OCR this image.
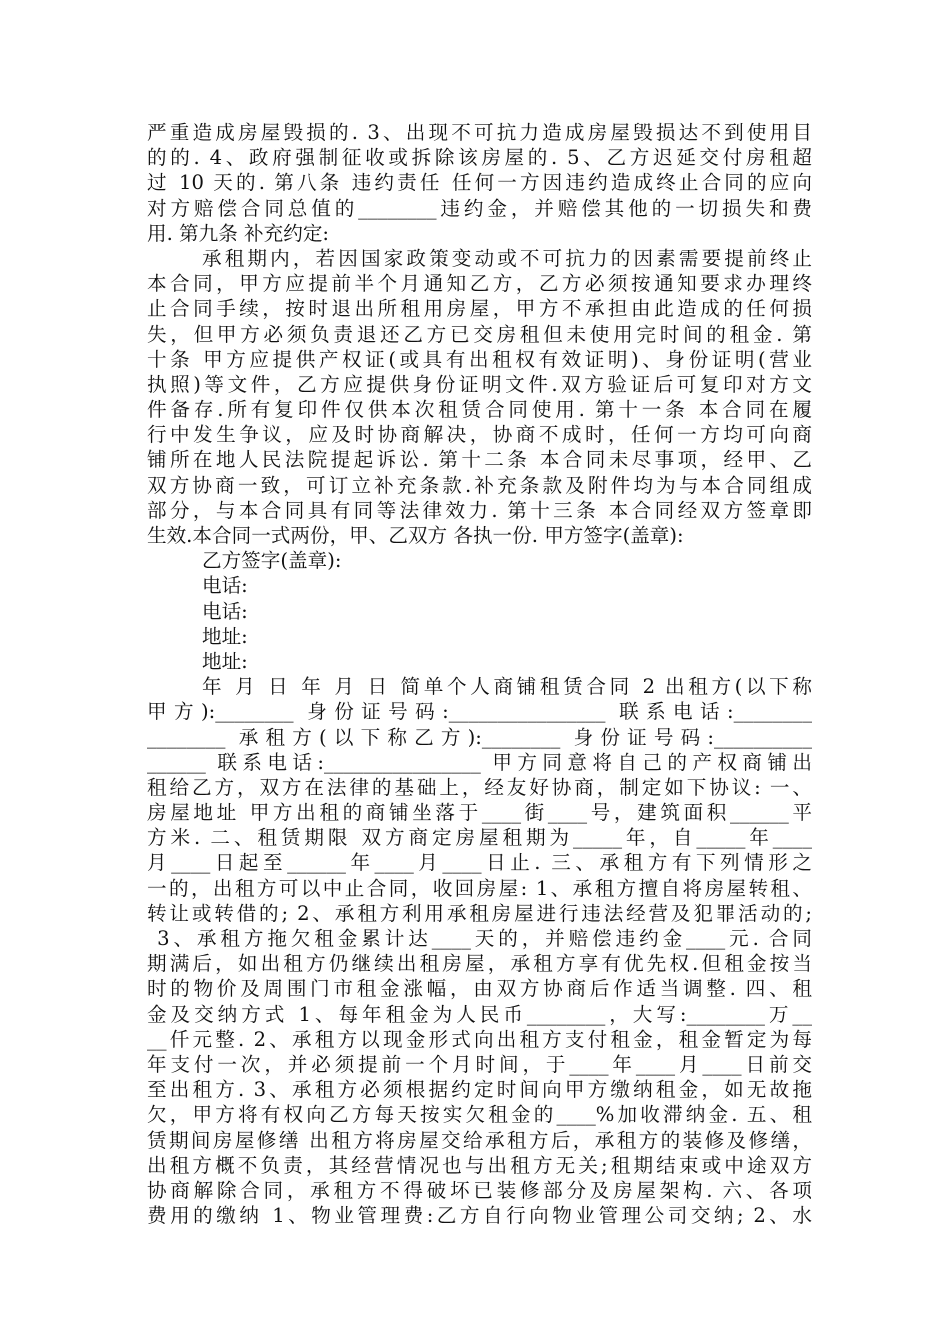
严重造成房屋毁损的. 3、出现不可抗力造成房屋毁损达不到使用目
的的. 4、政府强制征收或拆除该房屋的. 5、乙方迟延交付房租超
过 10 天的. 第八条 违约责任 任何一方因违约造成终止合同的应向
对方赔偿合同总值的________违约金，并赔偿其他的一切损失和费
用. 第九条 补充约定:
承租期内，若因国家政策变动或不可抗力的因素需要提前终止
本合同，甲方应提前半个月通知乙方，乙方必须按通知要求办理终
止合同手续，按时退出所租用房屋，甲方不承担由此造成的任何损
失，但甲方必须负责退还乙方已交房租但未使用完时间的租金. 第
十条 甲方应提供产权证(或具有出租权有效证明)、身份证明(营业
执照)等文件，乙方应提供身份证明文件.双方验证后可复印对方文
件备存.所有复印件仅供本次租赁合同使用. 第十一条 本合同在履
行中发生争议，应及时协商解决，协商不成时，任何一方均可向商
铺所在地人民法院提起诉讼. 第十二条 本合同未尽事项，经甲、乙
双方协商一致，可订立补充条款.补充条款及附件均为与本合同组成
部分，与本合同具有同等法律效力. 第十三条 本合同经双方签章即
生效.本合同一式两份，甲、乙双方 各执一份. 甲方签字(盖章):
乙方签字(盖章):
电话:
电话:
地址:
地址:
年 月 日 年 月 日 简单个人商铺租赁合同 2 出租方(以下称
甲方):________ 身份证号码:________________ 联系电话:________
________ 承租方(以下称乙方):________ 身份证号码:__________
______ 联系电话:________________ 甲方同意将自己的产权商铺出
租给乙方，双方在法律的基础上，经友好协商，制定如下协议: 一、
房屋地址 甲方出租的商铺坐落于____街____号，建筑面积______平
方米. 二、租赁期限 双方商定房屋租期为_____年，自_____年____
月____日起至______年____月____日止. 三、承租方有下列情形之
一的，出租方可以中止合同，收回房屋: 1、承租方擅自将房屋转租、
转让或转借的; 2、承租方利用承租房屋进行违法经营及犯罪活动的;
3、承租方拖欠租金累计达____天的，并赔偿违约金____元. 合同
期满后，如出租方仍继续出租房屋，承租方享有优先权.但租金按当
时的物价及周围门市租金涨幅，由双方协商后作适当调整. 四、租
金及交纳方式 1、每年租金为人民币________，大写:________万__
__仟元整. 2、承租方以现金形式向出租方支付租金，租金暂定为每
年支付一次，并必须提前一个月时间，于____年____月____日前交
至出租方. 3、承租方必须根据约定时间向甲方缴纳租金，如无故拖
欠，甲方将有权向乙方每天按实欠租金的____%加收滞纳金. 五、租
赁期间房屋修缮 出租方将房屋交给承租方后，承租方的装修及修缮，
出租方概不负责，其经营情况也与出租方无关;租期结束或中途双方
协商解除合同，承租方不得破坏已装修部分及房屋架构. 六、各项
费用的缴纳 1、物业管理费:乙方自行向物业管理公司交纳; 2、水
